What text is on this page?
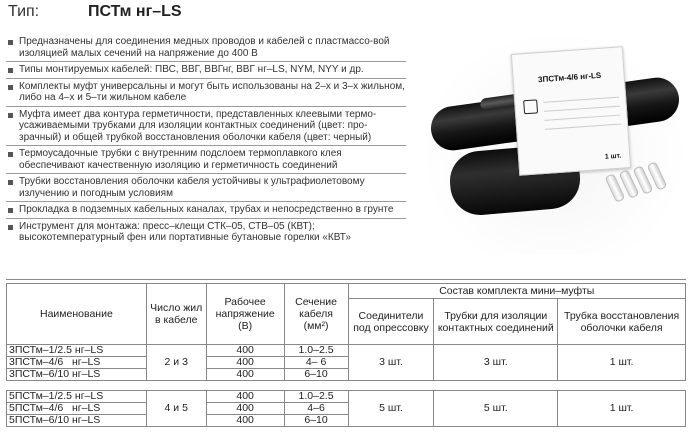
Тип:	ПСТм нг–LS
Предназначены для соединения медных проводов и кабелей с пластмассо-вой изоляцией малых сечений на напряжение до 400 В
Типы монтируемых кабелей: ПВС, ВВГ, ВВГнг, ВВГ нг–LS, NYM, NYY и др.
Комплекты муфт универсальны и могут быть использованы на 2–х и 3–х жильном, либо на 4–х и 5–ти жильном кабеле
Муфта имеет два контура герметичности, представленных клеевыми термо-усаживаемыми трубками для изоляции контактных соединений (цвет: про-зрачный) и общей трубкой восстановления оболочки кабеля (цвет: черный)
Термоусадочные трубки с внутренним подслоем термоплавкого клея обеспечивают качественную изоляцию и герметичность соединений
Трубки восстановления оболочки кабеля устойчивы к ультрафиолетовому излучению и погодным условиям
Прокладка в подземных кабельных каналах, трубах и непосредственно в грунте
Инструмент для монтажа: пресс–клещи СТК–05, СТВ–05 (КВТ); высокотемпературный фен или портативные бутановые горелки «КВТ»
3ПСТм-4/6 нг-LS
1 шт.
Наименование	Число жил в кабеле	Рабочее напряжение (В)	Сечение кабеля (мм²)	Состав комплекта мини–муфты		
				Соединители под опрессовку	Трубки для изоляции контактных соединений	Трубка восстановления оболочки кабеля
3ПСТм–1/2.5 нг–LS	2 и 3	400	1.0–2.5	3 шт.	3 шт.	1 шт.
3ПСТм–4/6   нг–LS		400	4– 6			
3ПСТм–6/10 нг–LS		400	6–10			

5ПСТм–1/2.5 нг–LS	4 и 5	400	1.0–2.5	5 шт.	5 шт.	1 шт.
5ПСТм–4/6   нг–LS		400	4–6			
5ПСТм–6/10 нг–LS		400	6–10			
